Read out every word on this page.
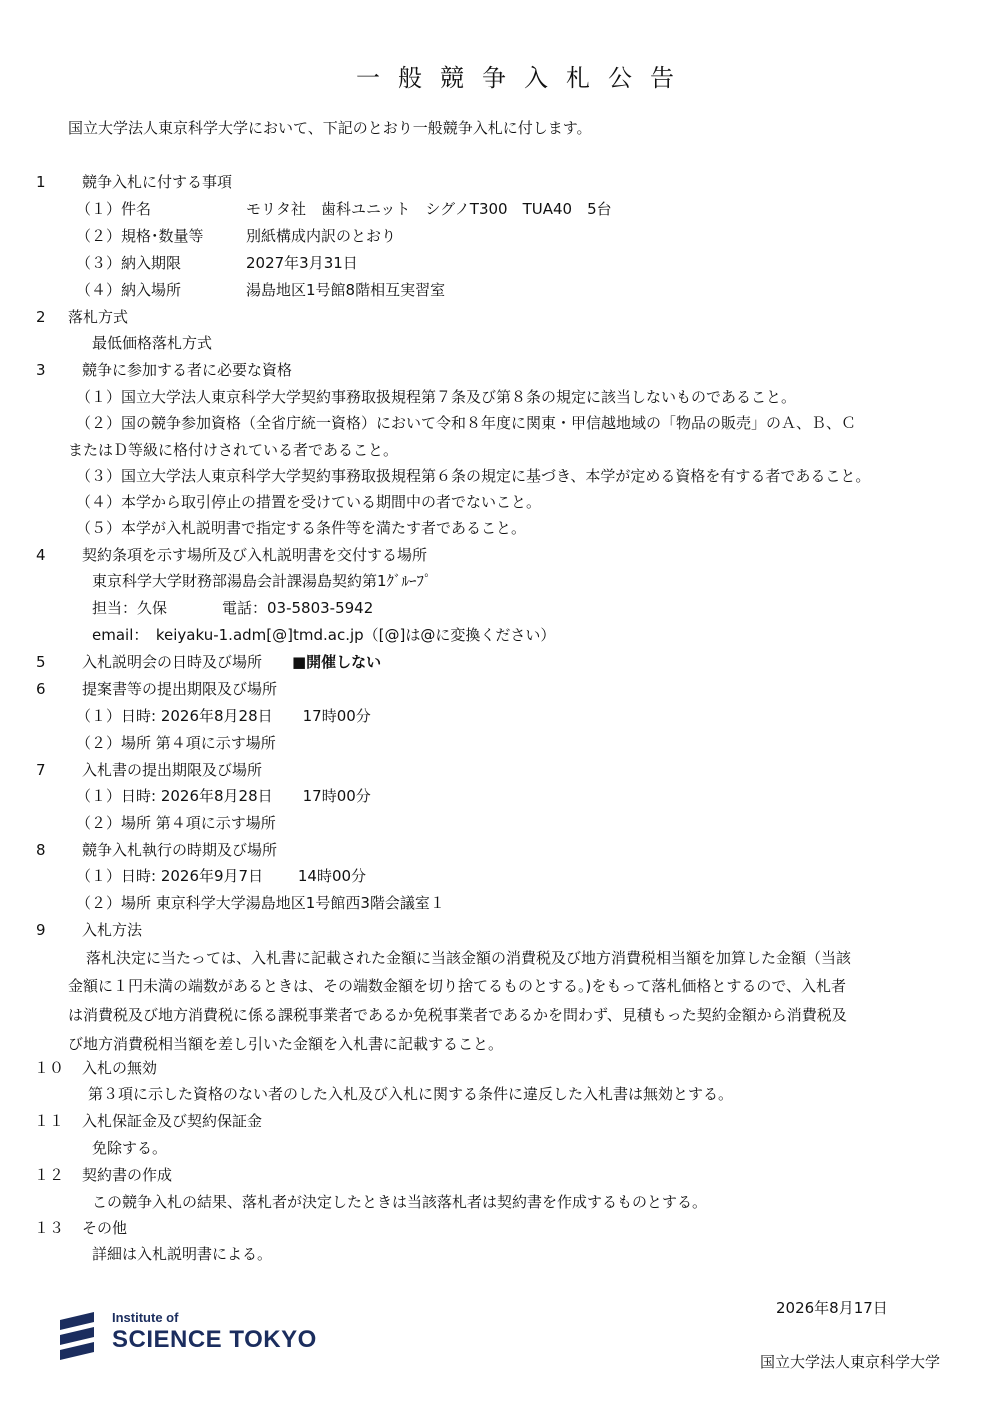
一般競争入札公告
国立大学法人東京科学大学において、下記のとおり一般競争入札に付します。
1 競争入札に付する事項
（１）件名	モリタ社　歯科ユニット　シグノT300　TUA40　5台
（２）規格･数量等	別紙構成内訳のとおり
（３）納入期限	2027年3月31日
（４）納入場所	湯島地区1号館8階相互実習室
2 落札方式
最低価格落札方式
3 競争に参加する者に必要な資格
（１）国立大学法人東京科学大学契約事務取扱規程第７条及び第８条の規定に該当しないものであること。
（２）国の競争参加資格（全省庁統一資格）において令和８年度に関東・甲信越地域の「物品の販売」のＡ、Ｂ、Ｃ
またはＤ等級に格付けされている者であること。
（３）国立大学法人東京科学大学契約事務取扱規程第６条の規定に基づき、本学が定める資格を有する者であること。
（４）本学から取引停止の措置を受けている期間中の者でないこと。
（５）本学が入札説明書で指定する条件等を満たす者であること。
4 契約条項を示す場所及び入札説明書を交付する場所
東京科学大学財務部湯島会計課湯島契約第1ｸﾞﾙｰﾌﾟ
担当：久保	電話：03-5803-5942
email：　keiyaku-1.adm[@]tmd.ac.jp（[@]は@に変換ください）
5 入札説明会の日時及び場所 ■開催しない
6 提案書等の提出期限及び場所
（１）日時: 2026年8月28日　　17時00分
（２）場所 第４項に示す場所
7 入札書の提出期限及び場所
（１）日時: 2026年8月28日　　17時00分
（２）場所 第４項に示す場所
8 競争入札執行の時期及び場所
（１）日時: 2026年9月7日　　 14時00分
（２）場所 東京科学大学湯島地区1号館西3階会議室１
9 入札方法
落札決定に当たっては、入札書に記載された金額に当該金額の消費税及び地方消費税相当額を加算した金額（当該
金額に１円未満の端数があるときは、その端数金額を切り捨てるものとする。)をもって落札価格とするので、入札者
は消費税及び地方消費税に係る課税事業者であるか免税事業者であるかを問わず、見積もった契約金額から消費税及
び地方消費税相当額を差し引いた金額を入札書に記載すること。
１０ 入札の無効
第３項に示した資格のない者のした入札及び入札に関する条件に違反した入札書は無効とする。
１１ 入札保証金及び契約保証金
免除する。
１２ 契約書の作成
この競争入札の結果、落札者が決定したときは当該落札者は契約書を作成するものとする。
１３ その他
詳細は入札説明書による。
2026年8月17日
国立大学法人東京科学大学
Institute of
SCIENCE TOKYO
